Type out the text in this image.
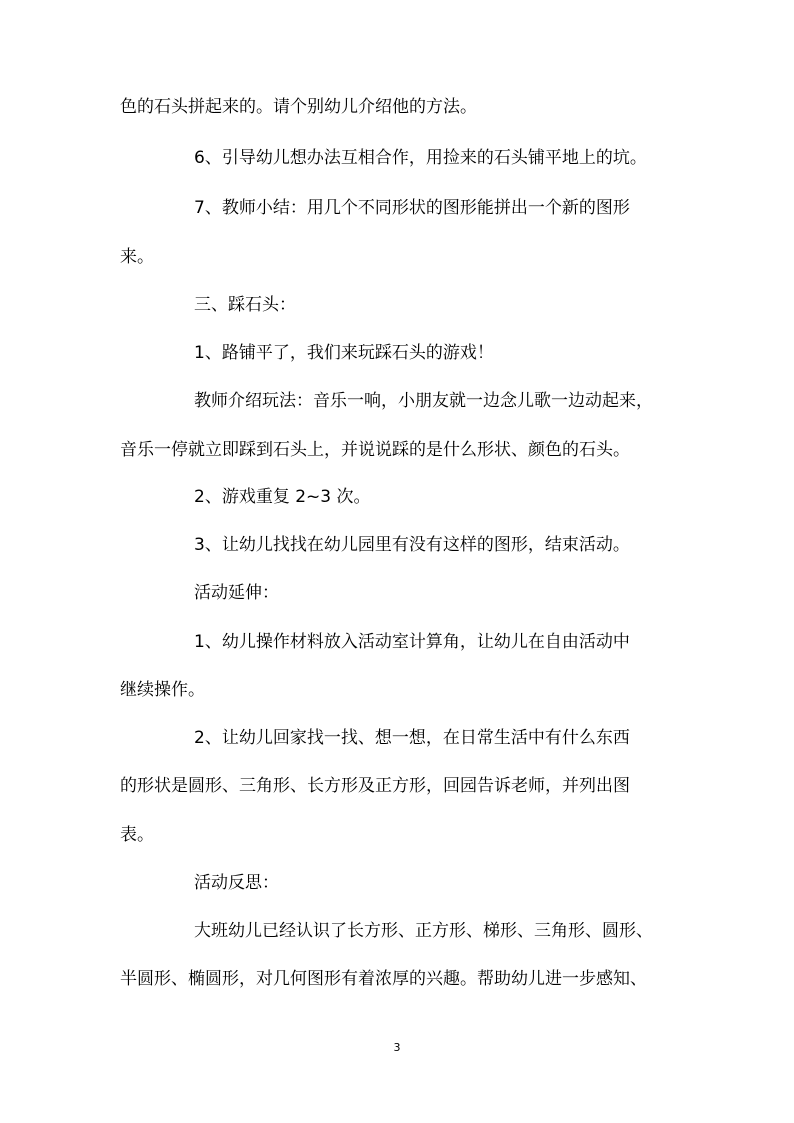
色的石头拼起来的。请个别幼儿介绍他的方法。
6、引导幼儿想办法互相合作，用捡来的石头铺平地上的坑。
7、教师小结：用几个不同形状的图形能拼出一个新的图形
来。
三、踩石头：
1、路铺平了，我们来玩踩石头的游戏！
教师介绍玩法：音乐一响，小朋友就一边念儿歌一边动起来，
音乐一停就立即踩到石头上，并说说踩的是什么形状、颜色的石头。
2、游戏重复 2~3 次。
3、让幼儿找找在幼儿园里有没有这样的图形，结束活动。
活动延伸：
1、幼儿操作材料放入活动室计算角，让幼儿在自由活动中
继续操作。
2、让幼儿回家找一找、想一想，在日常生活中有什么东西
的形状是圆形、三角形、长方形及正方形，回园告诉老师，并列出图
表。
活动反思：
大班幼儿已经认识了长方形、正方形、梯形、三角形、圆形、
半圆形、椭圆形，对几何图形有着浓厚的兴趣。帮助幼儿进一步感知、
3
